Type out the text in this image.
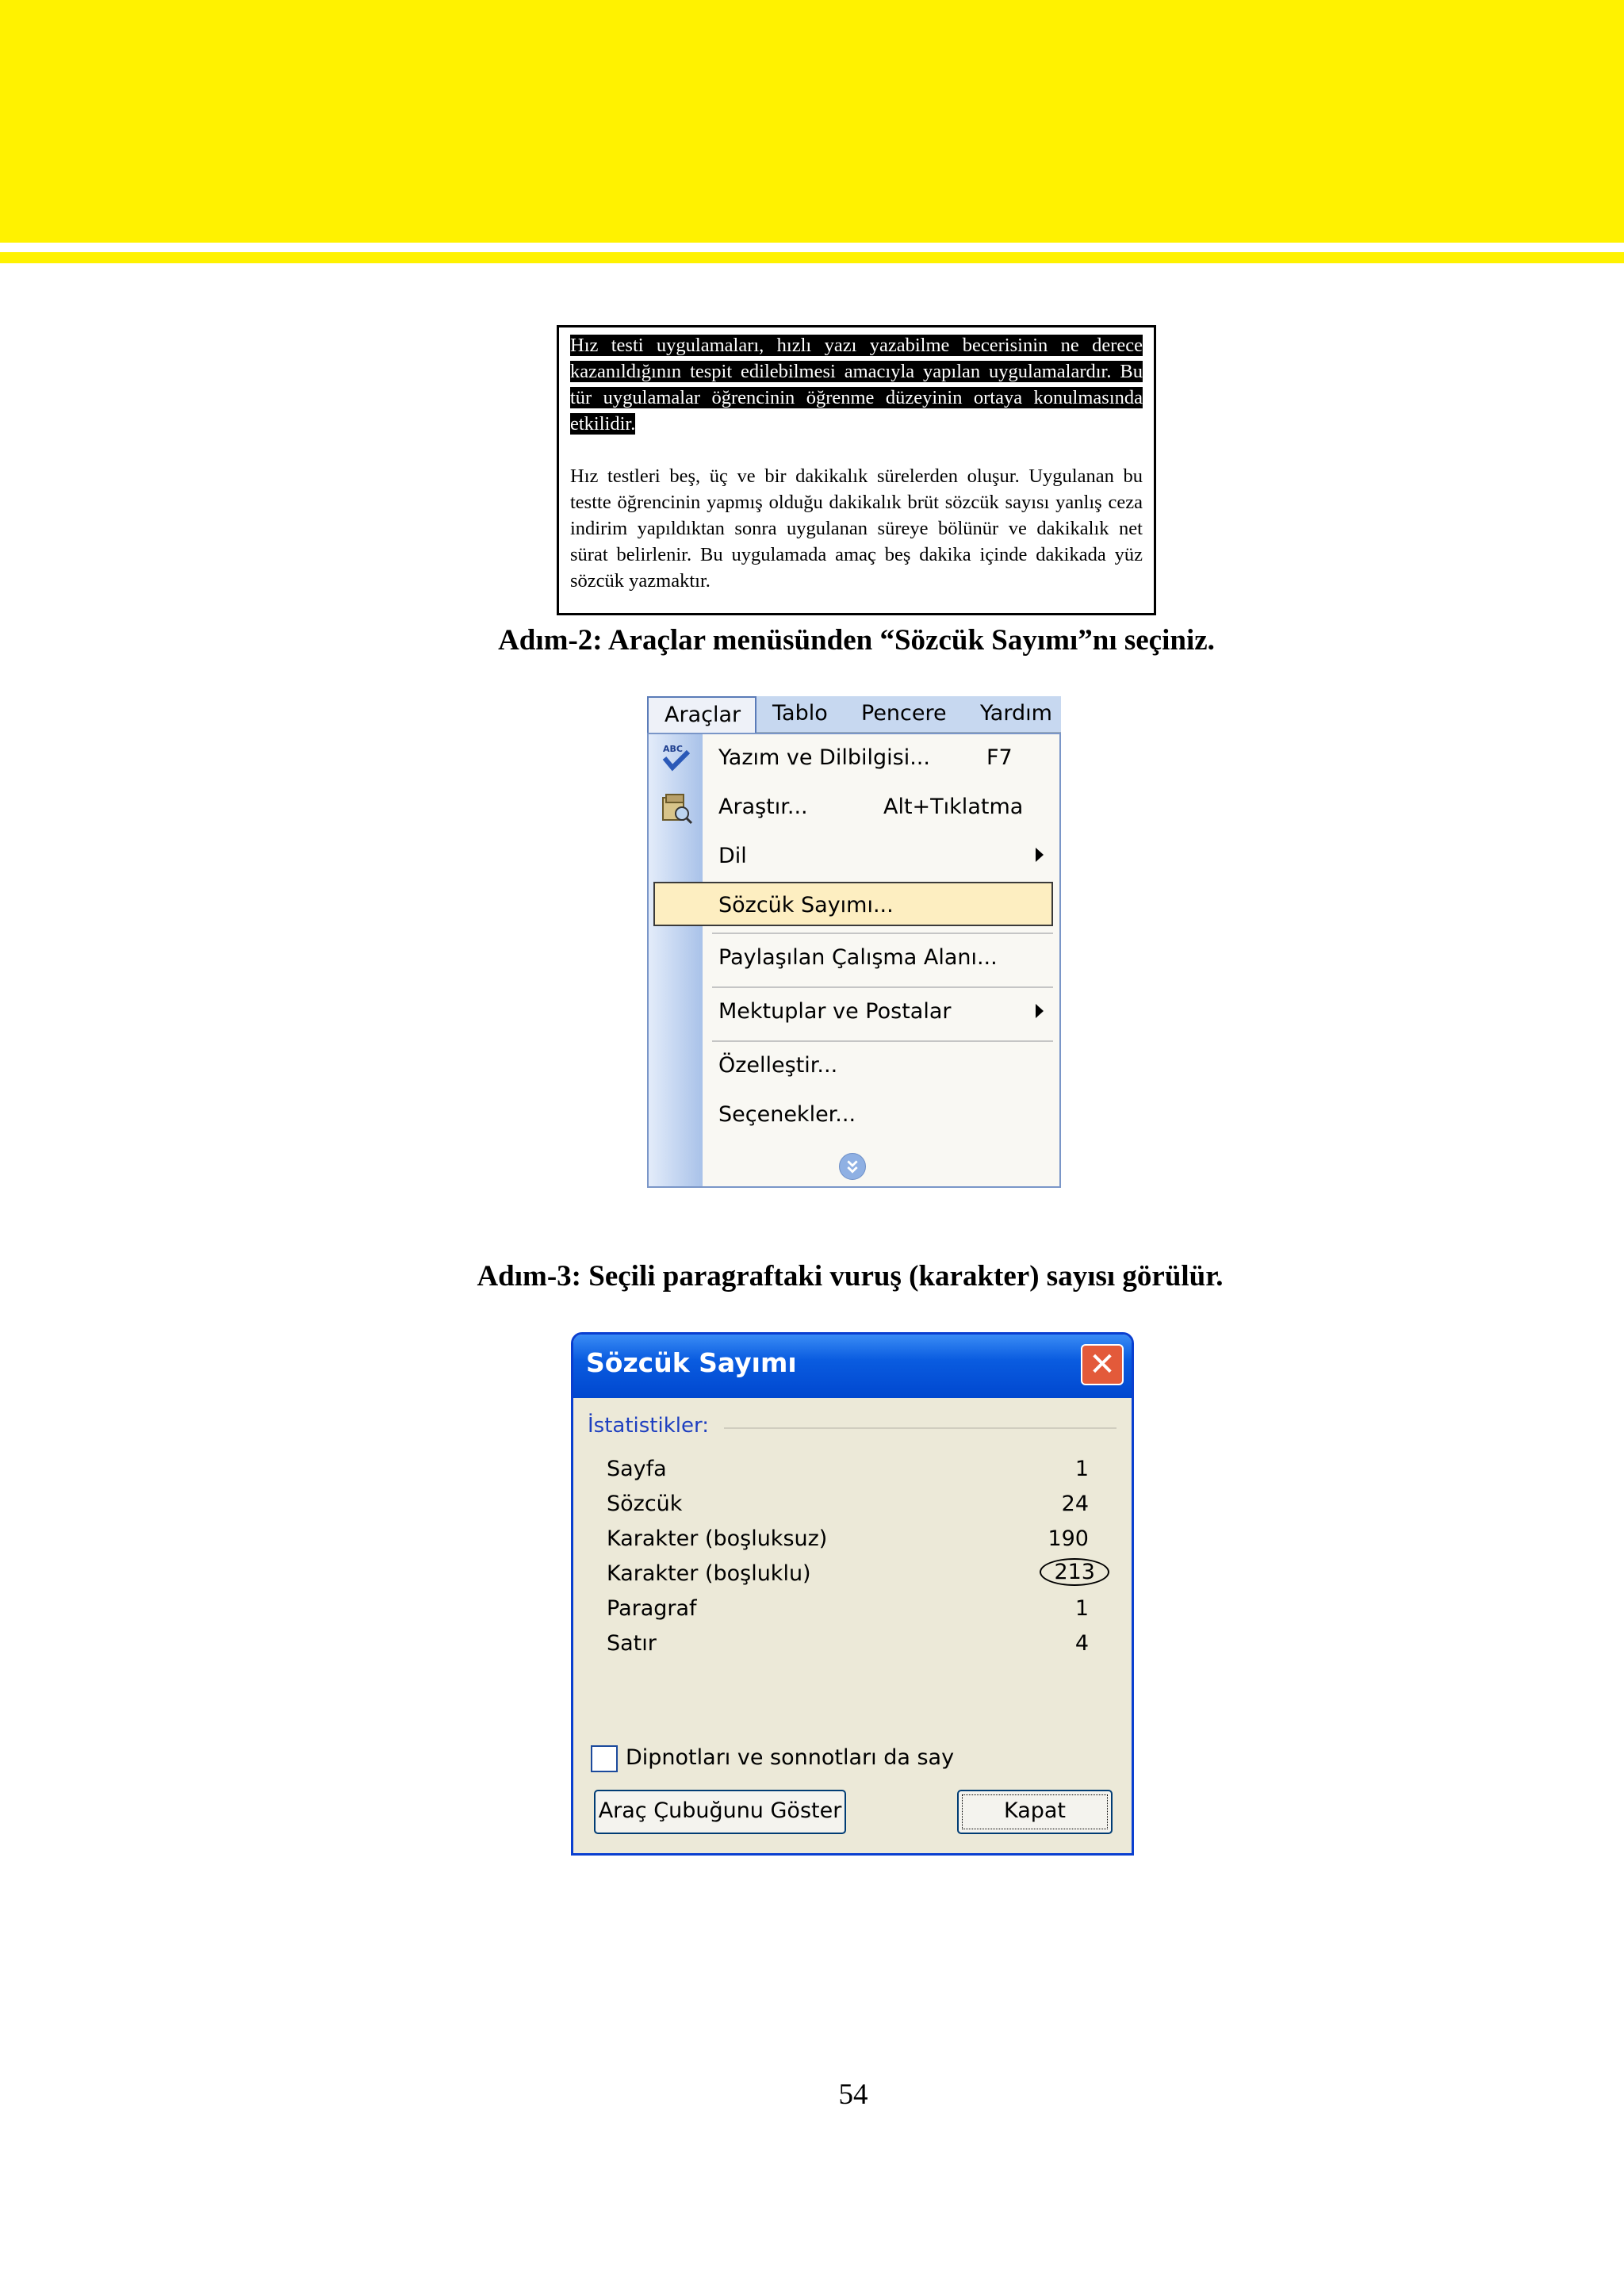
Hız testi uygulamaları, hızlı yazı yazabilme becerisinin ne derece kazanıldığının tespit edilebilmesi amacıyla yapılan uygulamalardır. Bu tür uygulamalar öğrencinin öğrenme düzeyinin ortaya konulmasında etkilidir.

Hız testleri beş, üç ve bir dakikalık sürelerden oluşur. Uygulanan bu testte öğrencinin yapmış olduğu dakikalık brüt sözcük sayısı yanlış ceza indirim yapıldıktan sonra uygulanan süreye bölünür ve dakikalık net sürat belirlenir. Bu uygulamada amaç beş dakika içinde dakikada yüz sözcük yazmaktır.

Adım-2: Araçlar menüsünden “Sözcük Sayımı”nı seçiniz.
Araçlar	Tablo Pencere Yardım
ABC Yazım ve Dilbilgisi...	F7
Araştır...	Alt+Tıklatma
Dil
Sözcük Sayımı...
Paylaşılan Çalışma Alanı...
Mektuplar ve Postalar
Özelleştir...
Seçenekler...
Adım-3: Seçili paragraftaki vuruş (karakter) sayısı görülür.
Sözcük Sayımı	✕
İstatistikler:
Sayfa	1
Sözcük	24
Karakter (boşluksuz)	190
Karakter (boşluklu)	213
Paragraf	1
Satır	4
Dipnotları ve sonnotları da say
Araç Çubuğunu Göster	Kapat
54
